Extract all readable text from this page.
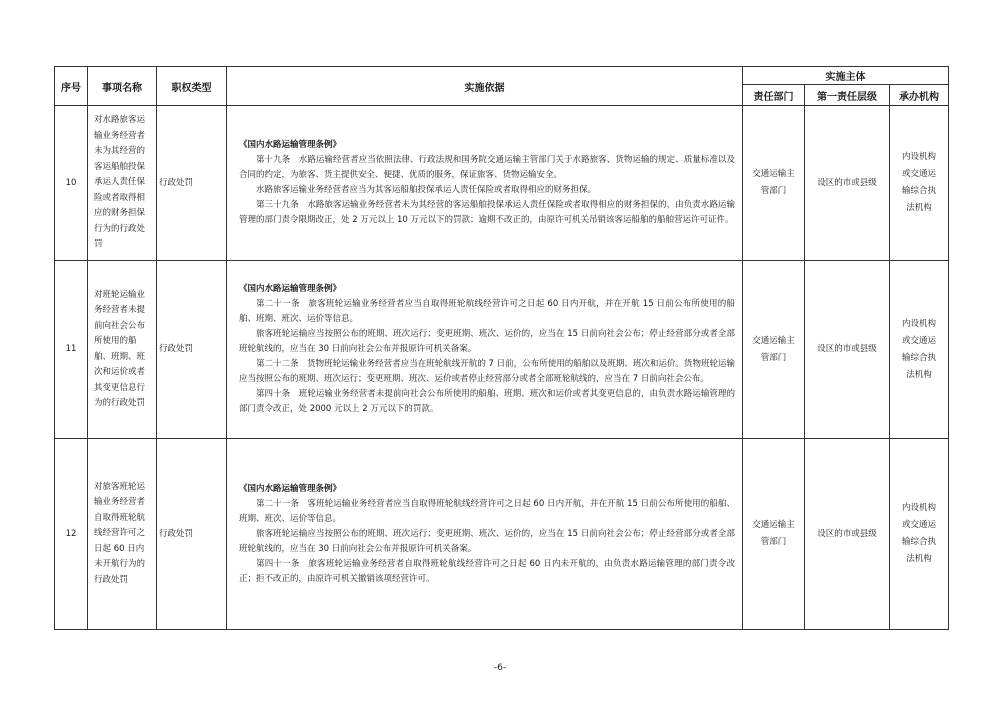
序号	事项名称	职权类型	实施依据	实施主体		
				责任部门	第一责任层级	承办机构
10	对水路旅客运输业务经营者未为其经营的客运船舶投保承运人责任保险或者取得相应的财务担保行为的行政处罚	行政处罚	《国内水路运输管理条例》
第十九条　水路运输经营者应当依照法律、行政法规和国务院交通运输主管部门关于水路旅客、货物运输的规定、质量标准以及合同的约定，为旅客、货主提供安全、便捷、优质的服务，保证旅客、货物运输安全。
水路旅客运输业务经营者应当为其客运船舶投保承运人责任保险或者取得相应的财务担保。
第三十九条　水路旅客运输业务经营者未为其经营的客运船舶投保承运人责任保险或者取得相应的财务担保的，由负责水路运输管理的部门责令限期改正，处 2 万元以上 10 万元以下的罚款；逾期不改正的，由原许可机关吊销该客运船舶的船舶营运许可证件。	交通运输主管部门	设区的市或县级	内设机构或交通运输综合执法机构
11	对班轮运输业务经营者未提前向社会公布所使用的船舶、班期、班次和运价或者其变更信息行为的行政处罚	行政处罚	《国内水路运输管理条例》
第二十一条　旅客班轮运输业务经营者应当自取得班轮航线经营许可之日起 60 日内开航，并在开航 15 日前公布所使用的船舶、班期、班次、运价等信息。
旅客班轮运输应当按照公布的班期、班次运行；变更班期、班次、运价的，应当在 15 日前向社会公布；停止经营部分或者全部班轮航线的，应当在 30 日前向社会公布并报原许可机关备案。
第二十二条　货物班轮运输业务经营者应当在班轮航线开航的 7 日前，公布所使用的船舶以及班期、班次和运价。货物班轮运输应当按照公布的班期、班次运行；变更班期、班次、运价或者停止经营部分或者全部班轮航线的，应当在 7 日前向社会公布。
第四十条　班轮运输业务经营者未提前向社会公布所使用的船舶、班期、班次和运价或者其变更信息的，由负责水路运输管理的部门责令改正，处 2000 元以上 2 万元以下的罚款。	交通运输主管部门	设区的市或县级	内设机构或交通运输综合执法机构
12	对旅客班轮运输业务经营者自取得班轮航线经营许可之日起 60 日内未开航行为的行政处罚	行政处罚	《国内水路运输管理条例》
第二十一条　客班轮运输业务经营者应当自取得班轮航线经营许可之日起 60 日内开航，并在开航 15 日前公布所使用的船舶、班期、班次、运价等信息。
旅客班轮运输应当按照公布的班期、班次运行；变更班期、班次、运价的，应当在 15 日前向社会公布；停止经营部分或者全部班轮航线的，应当在 30 日前向社会公布并报原许可机关备案。
第四十一条　旅客班轮运输业务经营者自取得班轮航线经营许可之日起 60 日内未开航的，由负责水路运输管理的部门责令改正；拒不改正的，由原许可机关撤销该项经营许可。	交通运输主管部门	设区的市或县级	内设机构或交通运输综合执法机构
-6-
